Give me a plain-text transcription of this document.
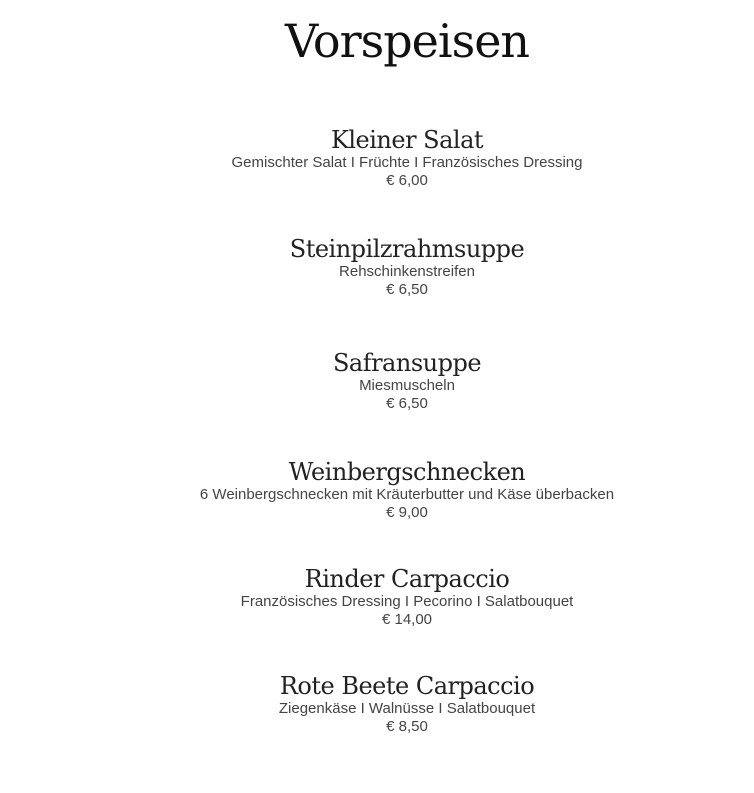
Vorspeisen
Kleiner Salat
Gemischter Salat I Früchte I Französisches Dressing
€ 6,00
Steinpilzrahmsuppe
Rehschinkenstreifen
€ 6,50
Safransuppe
Miesmuscheln
€ 6,50
Weinbergschnecken
6 Weinbergschnecken mit Kräuterbutter und Käse überbacken
€ 9,00
Rinder Carpaccio
Französisches Dressing I Pecorino I Salatbouquet
€ 14,00
Rote Beete Carpaccio
Ziegenkäse I Walnüsse I Salatbouquet
€ 8,50
